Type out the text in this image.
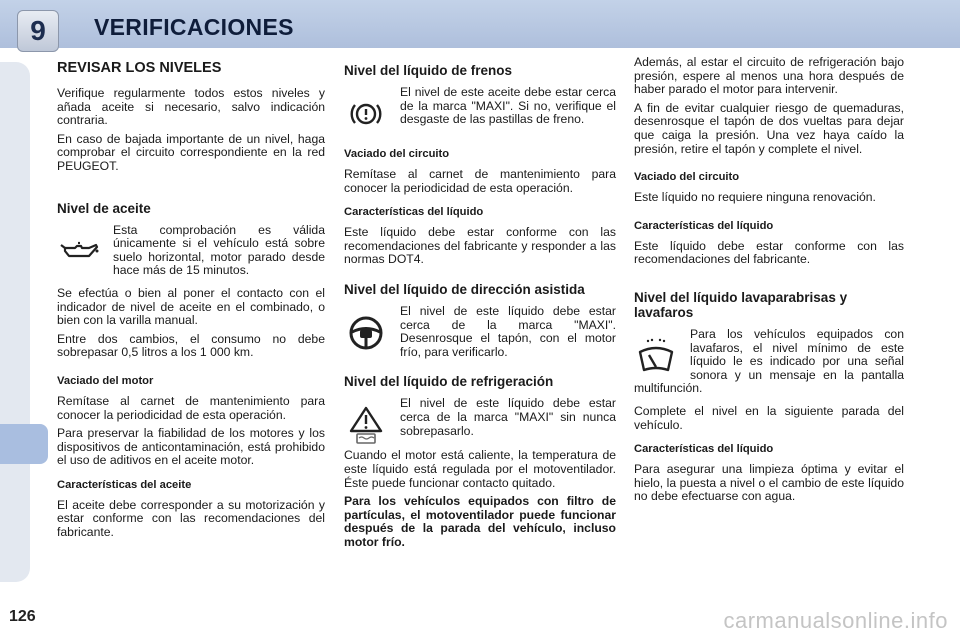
9	VERIFICACIONES
REVISAR LOS NIVELES

Verifique regularmente todos estos niveles y añada aceite si necesario, salvo indicación contraria.

En caso de bajada importante de un nivel, haga comprobar el circuito correspondiente en la red PEUGEOT.

Nivel de aceite

Esta comprobación es válida únicamente si el vehículo está sobre suelo horizontal, motor parado desde hace más de 15 minutos.

Se efectúa o bien al poner el contacto con el indicador de nivel de aceite en el combinado, o bien con la varilla manual.

Entre dos cambios, el consumo no debe sobrepasar 0,5 litros a los 1 000 km.

Vaciado del motor

Remítase al carnet de mantenimiento para conocer la periodicidad de esta operación.

Para preservar la fiabilidad de los motores y los dispositivos de anticontaminación, está prohibido el uso de aditivos en el aceite motor.

Características del aceite

El aceite debe corresponder a su motorización y estar conforme con las recomendaciones del fabricante.

Nivel del líquido de frenos

El nivel de este aceite debe estar cerca de la marca "MAXI". Si no, verifique el desgaste de las pastillas de freno.

Vaciado del circuito

Remítase al carnet de mantenimiento para conocer la periodicidad de esta operación.

Características del líquido

Este líquido debe estar conforme con las recomendaciones del fabricante y responder a las normas DOT4.

Nivel del líquido de dirección asistida

El nivel de este líquido debe estar cerca de la marca "MAXI". Desenrosque el tapón, con el motor frío, para verificarlo.

Nivel del líquido de refrigeración

El nivel de este líquido debe estar cerca de la marca "MAXI" sin nunca sobrepasarlo.

Cuando el motor está caliente, la temperatura de este líquido está regulada por el motoventilador. Éste puede funcionar contacto quitado.

Para los vehículos equipados con filtro de partículas, el motoventilador puede funcionar después de la parada del vehículo, incluso motor frío.

Además, al estar el circuito de refrigeración bajo presión, espere al menos una hora después de haber parado el motor para intervenir.

A fin de evitar cualquier riesgo de quemaduras, desenrosque el tapón de dos vueltas para dejar que caiga la presión. Una vez haya caído la presión, retire el tapón y complete el nivel.

Vaciado del circuito

Este líquido no requiere ninguna renovación.

Características del líquido

Este líquido debe estar conforme con las recomendaciones del fabricante.

Nivel del líquido lavaparabrisas y lavafaros

Para los vehículos equipados con lavafaros, el nivel mínimo de este líquido le es indicado por una señal sonora y un mensaje en la pantalla multifunción.

Complete el nivel en la siguiente parada del vehículo.

Características del líquido

Para asegurar una limpieza óptima y evitar el hielo, la puesta a nivel o el cambio de este líquido no debe efectuarse con agua.

126	carmanualsonline.info
